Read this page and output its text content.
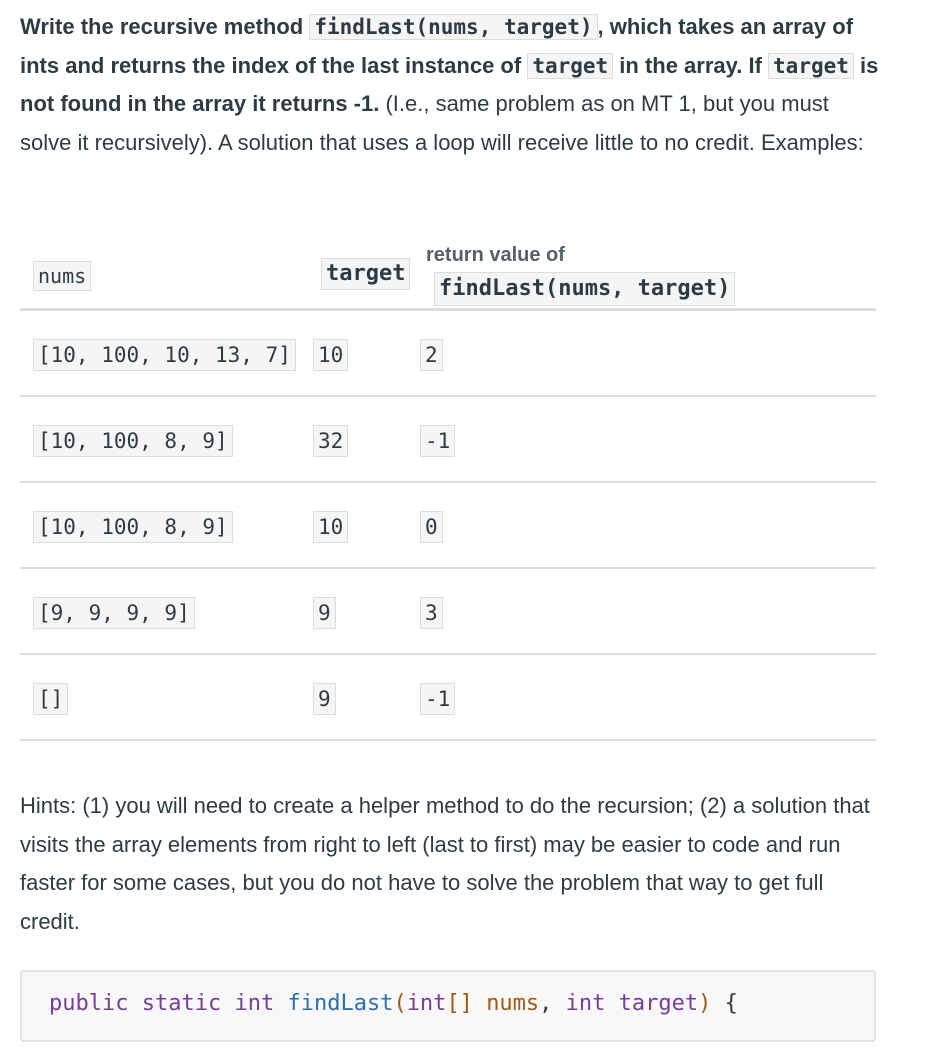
Write the recursive method findLast(nums, target) , which takes an array of ints and returns the index of the last instance of target in the array. If target is not found in the array it returns -1. (I.e., same problem as on MT 1, but you must solve it recursively). A solution that uses a loop will receive little to no credit. Examples:

nums	target
return value of
findLast(nums, target)
[10, 100, 10, 13, 7] 10	2
[10, 100, 8, 9]	32	-1
[10, 100, 8, 9]	10	0
[9, 9, 9, 9]	9	3
[]	9	-1

Hints: (1) you will need to create a helper method to do the recursion; (2) a solution that visits the array elements from right to left (last to first) may be easier to code and run faster for some cases, but you do not have to solve the problem that way to get full credit.

public static int findLast(int[] nums, int target) {
